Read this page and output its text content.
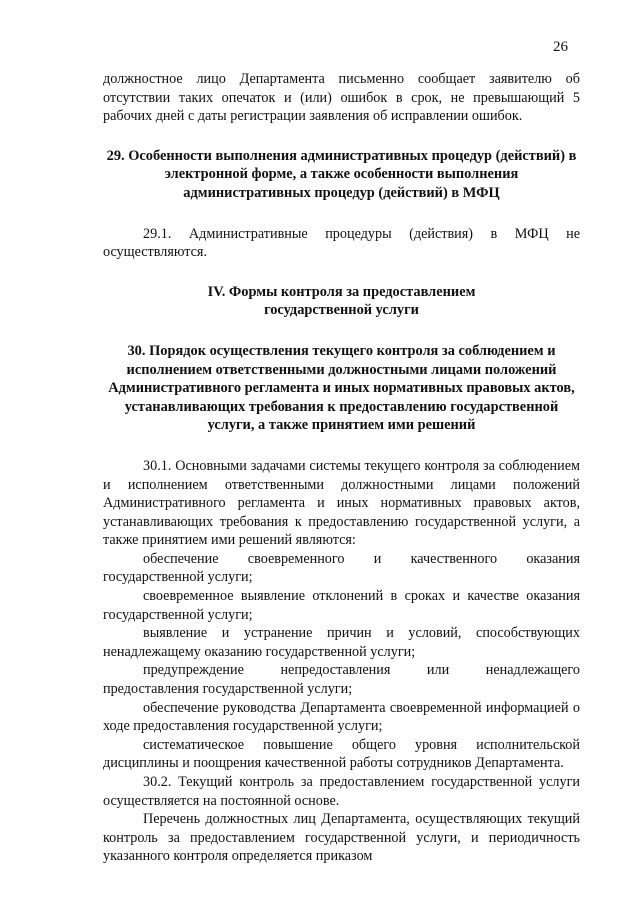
26

должностное лицо Департамента письменно сообщает заявителю об отсутствии таких опечаток и (или) ошибок в срок, не превышающий 5 рабочих дней с даты регистрации заявления об исправлении ошибок.

29. Особенности выполнения административных процедур (действий) в электронной форме, а также особенности выполнения административных процедур (действий) в МФЦ

29.1. Административные процедуры (действия) в МФЦ не осуществляются.

IV. Формы контроля за предоставлением государственной услуги
30. Порядок осуществления текущего контроля за соблюдением и исполнением ответственными должностными лицами положений Административного регламента и иных нормативных правовых актов, устанавливающих требования к предоставлению государственной услуги, а также принятием ими решений

30.1. Основными задачами системы текущего контроля за соблюдением и исполнением ответственными должностными лицами положений Административного регламента и иных нормативных правовых актов, устанавливающих требования к предоставлению государственной услуги, а также принятием ими решений являются:

обеспечение своевременного и качественного оказания государственной услуги;

своевременное выявление отклонений в сроках и качестве оказания государственной услуги;

выявление и устранение причин и условий, способствующих ненадлежащему оказанию государственной услуги;

предупреждение непредоставления или ненадлежащего предоставления государственной услуги;

обеспечение руководства Департамента своевременной информацией о ходе предоставления государственной услуги;

систематическое повышение общего уровня исполнительской дисциплины и поощрения качественной работы сотрудников Департамента.

30.2. Текущий контроль за предоставлением государственной услуги осуществляется на постоянной основе.

Перечень должностных лиц Департамента, осуществляющих текущий контроль за предоставлением государственной услуги, и периодичность указанного контроля определяется приказом
